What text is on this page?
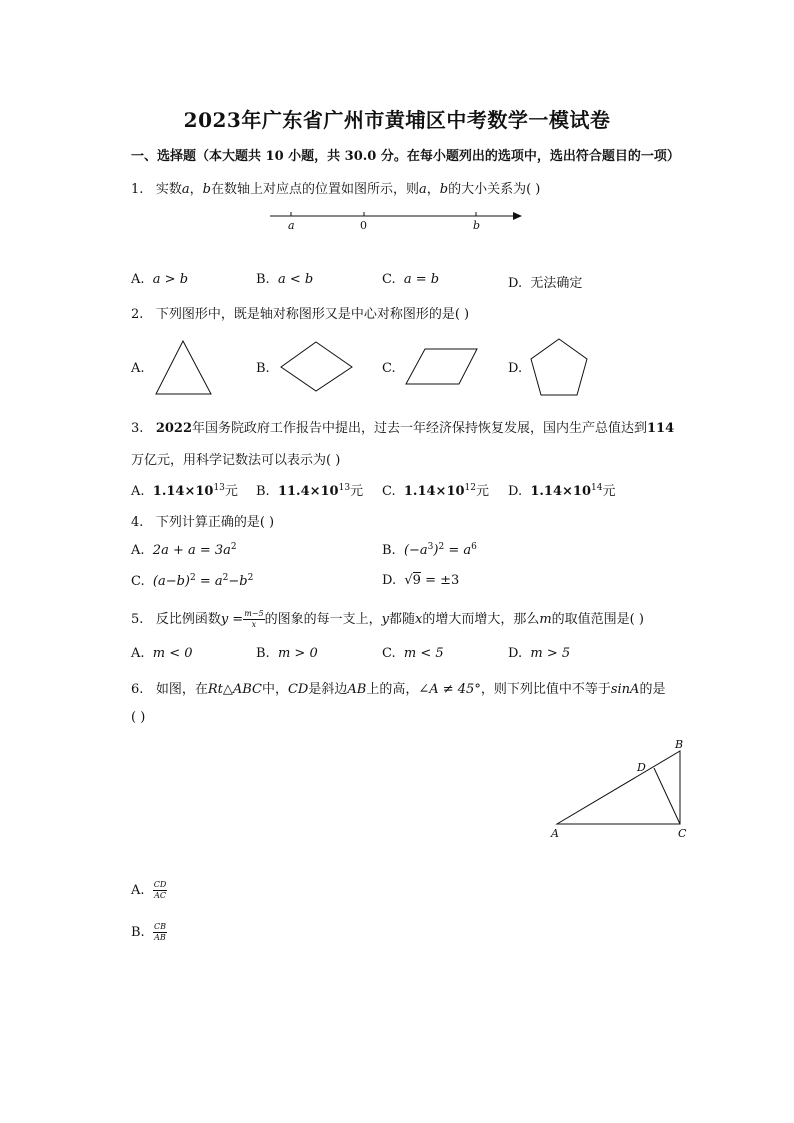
2023年广东省广州市黄埔区中考数学一模试卷
一、选择题（本大题共 10 小题，共 30.0 分。在每小题列出的选项中，选出符合题目的一项）
1. 实数a，b在数轴上对应点的位置如图所示，则a，b的大小关系为( )
a	0	b
A. a > b	B. a < b	C. a = b	D. 无法确定
2. 下列图形中，既是轴对称图形又是中心对称图形的是( )
A.	B.	C.	D.
3. 2022年国务院政府工作报告中提出，过去一年经济保持恢复发展，国内生产总值达到114
万亿元，用科学记数法可以表示为( )
A. $1.14\times 10^{13}$元 B. $11.4\times 10^{13}$元 C. $1.14\times 10^{12}$元 D. $1.14\times 10^{14}$元
4. 下列计算正确的是( )
A. $2a + a = 3a^2$	B. $(-a^3)^2 = a^6$
C. $(a-b)^2 = a^2-b^2$	D. √9 = ±3
5. 反比例函数$y = \frac{m-5}{x}$ 的图象的每一支上，y都随x的增大而增大，那么m的取值范围是( )
A. m < 0	B. m > 0	C. m < 5	D. m > 5
6. 如图，在Rt△ABC中，CD是斜边AB上的高，∠A ≠ 45°，则下列比值中不等于sinA的是
( )
B
D
A	C
A. $\frac{CD}{AC}$
B. $\frac{CB}{AB}$
